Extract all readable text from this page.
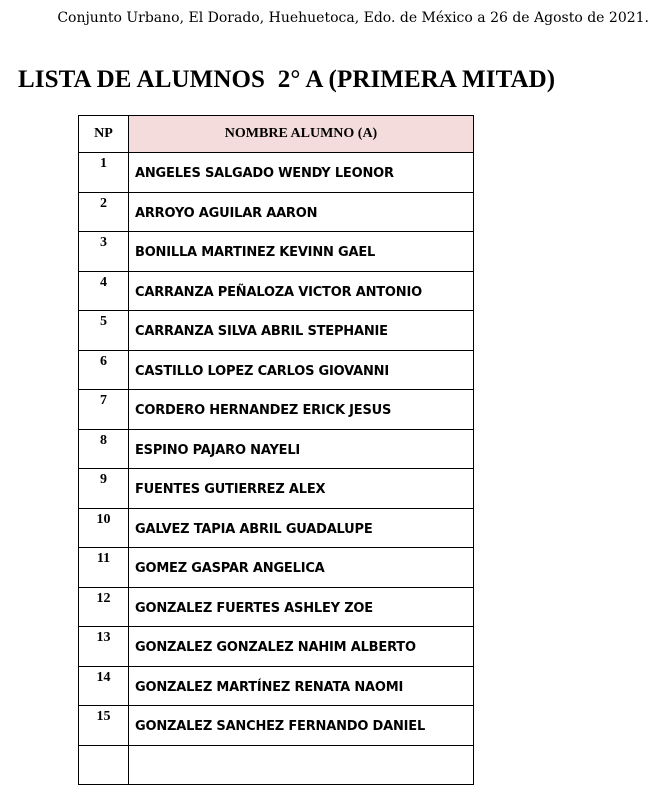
Conjunto Urbano, El Dorado, Huehuetoca, Edo. de México a 26 de Agosto de 2021.
LISTA DE ALUMNOS  2° A (PRIMERA MITAD)
NP	NOMBRE ALUMNO (A)
1	ANGELES SALGADO WENDY LEONOR
2	ARROYO AGUILAR AARON
3	BONILLA MARTINEZ KEVINN GAEL
4	CARRANZA PEÑALOZA VICTOR ANTONIO
5	CARRANZA SILVA ABRIL STEPHANIE
6	CASTILLO LOPEZ CARLOS GIOVANNI
7	CORDERO HERNANDEZ ERICK JESUS
8	ESPINO PAJARO NAYELI
9	FUENTES GUTIERREZ ALEX
10	GALVEZ TAPIA ABRIL GUADALUPE
11	GOMEZ GASPAR ANGELICA
12	GONZALEZ FUERTES ASHLEY ZOE
13	GONZALEZ GONZALEZ NAHIM ALBERTO
14	GONZALEZ MARTÍNEZ RENATA NAOMI
15	GONZALEZ SANCHEZ FERNANDO DANIEL
